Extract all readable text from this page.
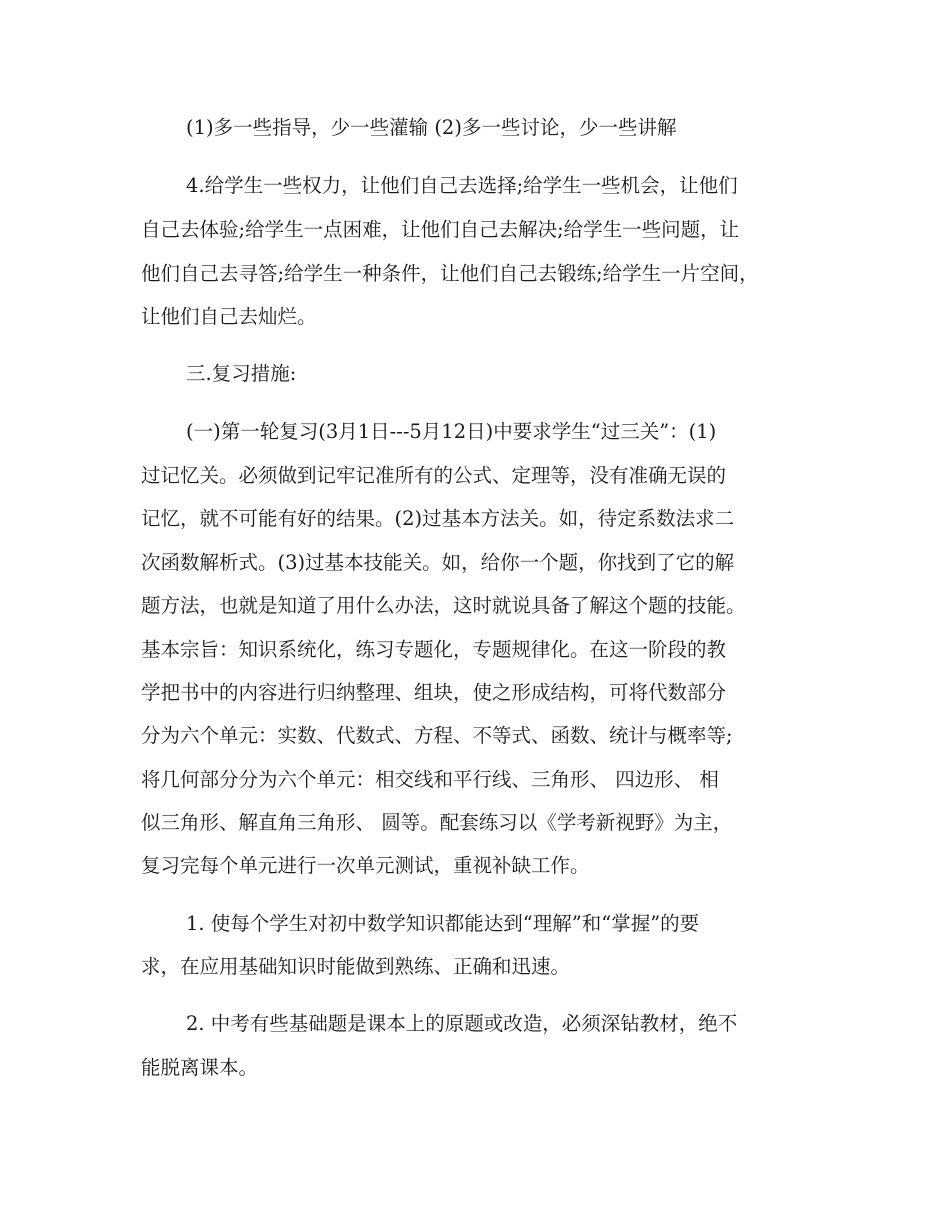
(1)多一些指导，少一些灌输 (2)多一些讨论，少一些讲解
4.给学生一些权力，让他们自己去选择;给学生一些机会，让他们
自己去体验;给学生一点困难，让他们自己去解决;给学生一些问题，让
他们自己去寻答;给学生一种条件，让他们自己去锻练;给学生一片空间，
让他们自己去灿烂。
三.复习措施:
(一)第一轮复习(3月1日---5月12日)中要求学生“过三关”：(1)
过记忆关。必须做到记牢记准所有的公式、定理等，没有准确无误的
记忆，就不可能有好的结果。(2)过基本方法关。如，待定系数法求二
次函数解析式。(3)过基本技能关。如，给你一个题，你找到了它的解
题方法，也就是知道了用什么办法，这时就说具备了解这个题的技能。
基本宗旨：知识系统化，练习专题化，专题规律化。在这一阶段的教
学把书中的内容进行归纳整理、组块，使之形成结构，可将代数部分
分为六个单元：实数、代数式、方程、不等式、函数、统计与概率等;
将几何部分分为六个单元：相交线和平行线、三角形、 四边形、 相
似三角形、解直角三角形、 圆等。配套练习以《学考新视野》为主，
复习完每个单元进行一次单元测试，重视补缺工作。
1. 使每个学生对初中数学知识都能达到“理解”和“掌握”的要
求，在应用基础知识时能做到熟练、正确和迅速。
2. 中考有些基础题是课本上的原题或改造，必须深钻教材，绝不
能脱离课本。
